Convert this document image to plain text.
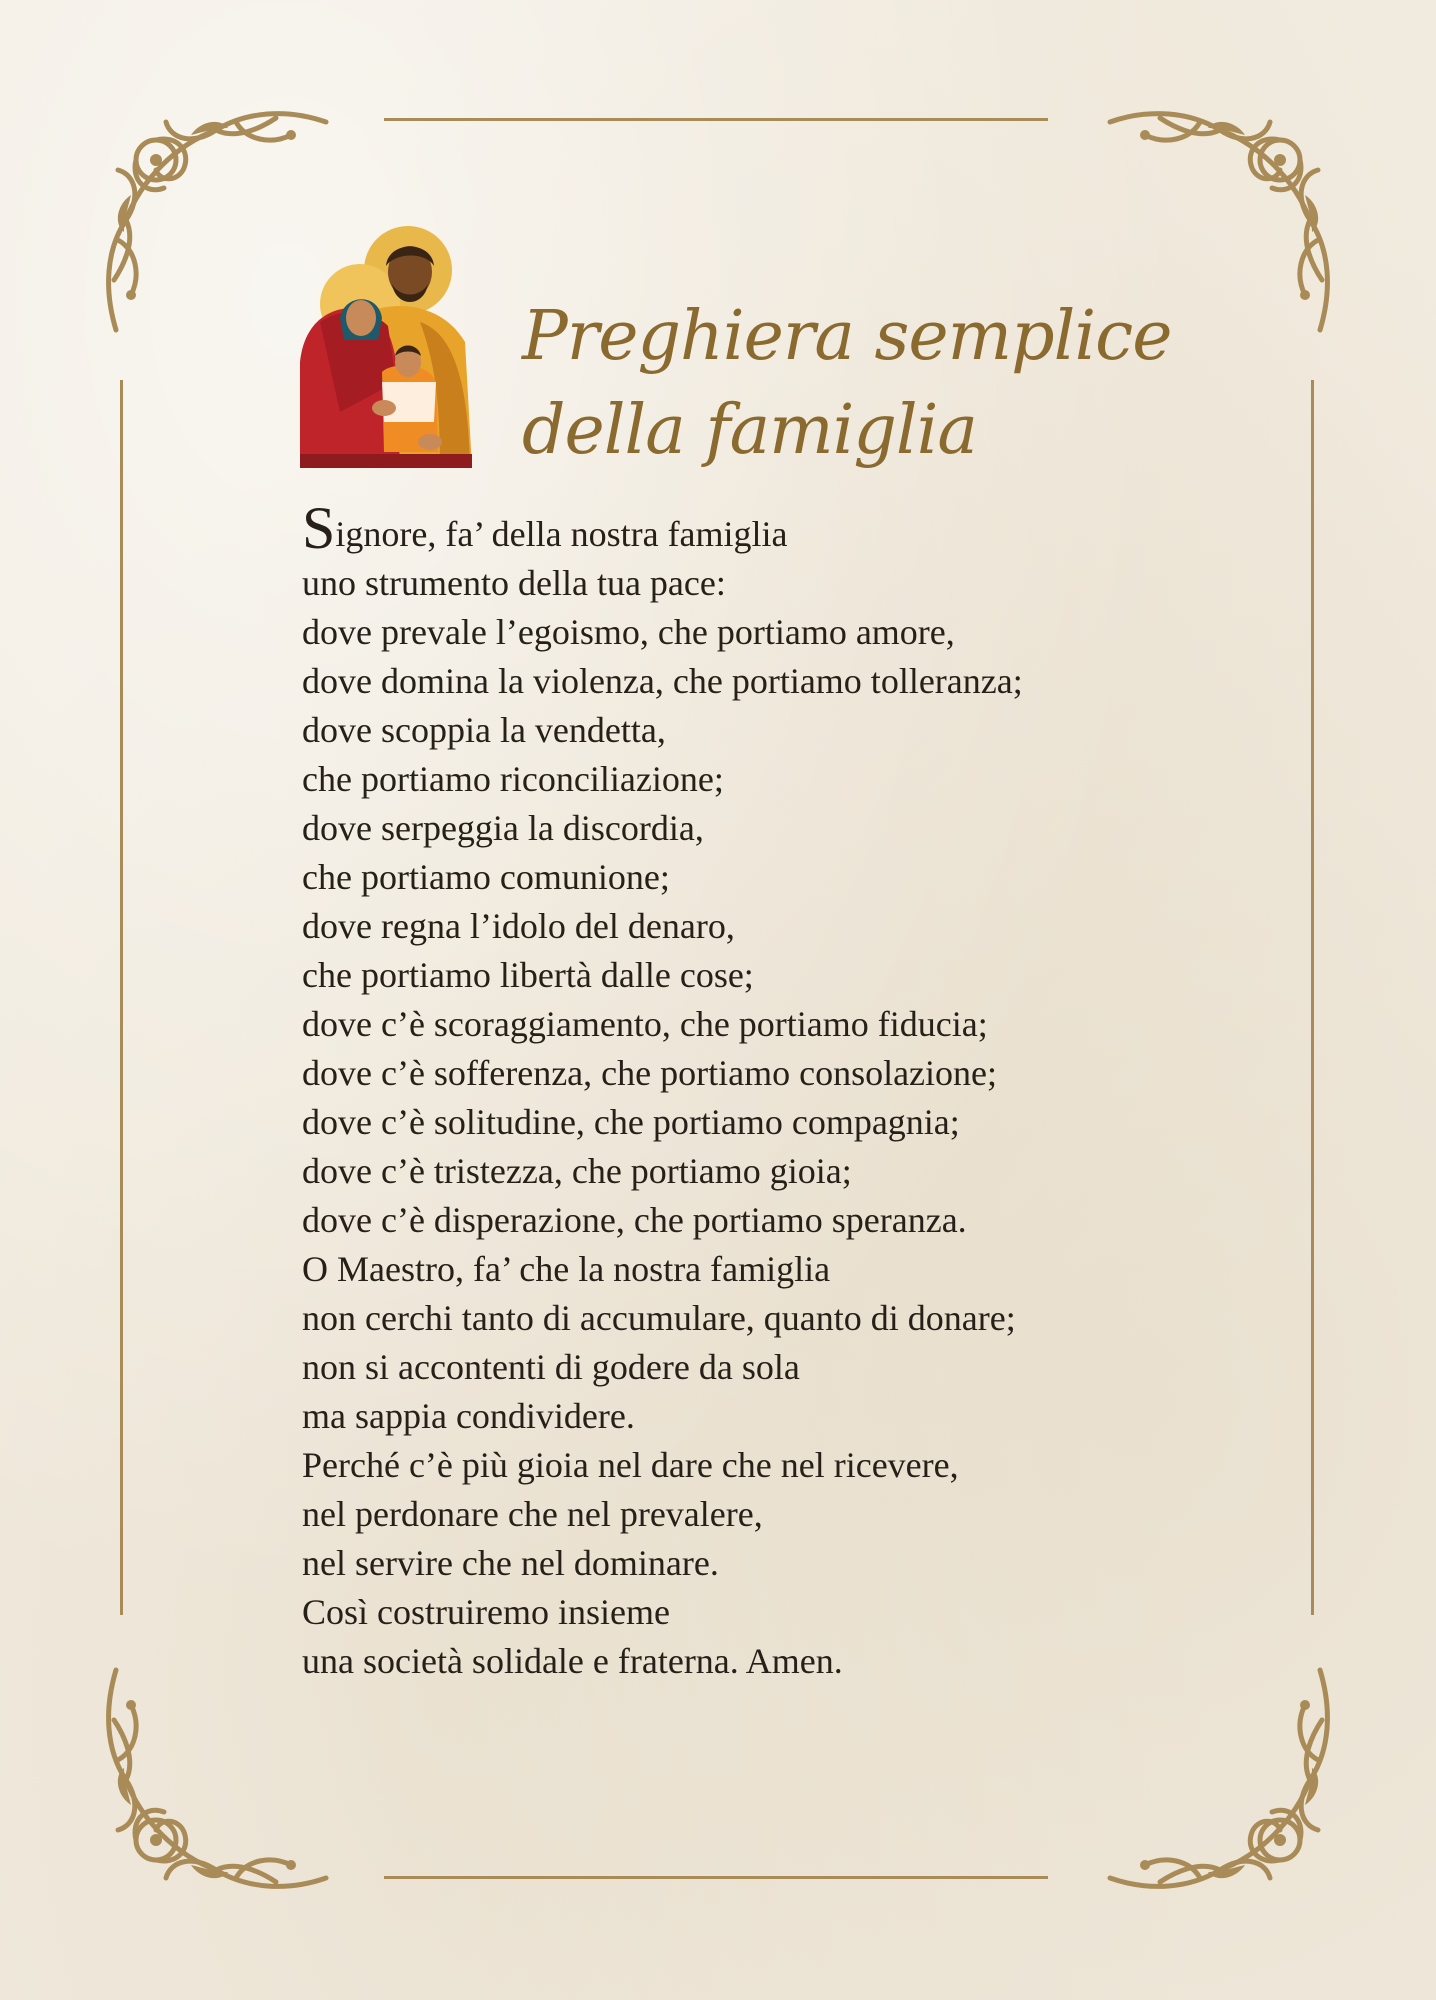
Preghiera semplice
della famiglia
Signore, fa’ della nostra famiglia
uno strumento della tua pace:
dove prevale l’egoismo, che portiamo amore,
dove domina la violenza, che portiamo tolleranza;
dove scoppia la vendetta,
che portiamo riconciliazione;
dove serpeggia la discordia,
che portiamo comunione;
dove regna l’idolo del denaro,
che portiamo libertà dalle cose;
dove c’è scoraggiamento, che portiamo fiducia;
dove c’è sofferenza, che portiamo consolazione;
dove c’è solitudine, che portiamo compagnia;
dove c’è tristezza, che portiamo gioia;
dove c’è disperazione, che portiamo speranza.
O Maestro, fa’ che la nostra famiglia
non cerchi tanto di accumulare, quanto di donare;
non si accontenti di godere da sola
ma sappia condividere.
Perché c’è più gioia nel dare che nel ricevere,
nel perdonare che nel prevalere,
nel servire che nel dominare.
Così costruiremo insieme
una società solidale e fraterna. Amen.
